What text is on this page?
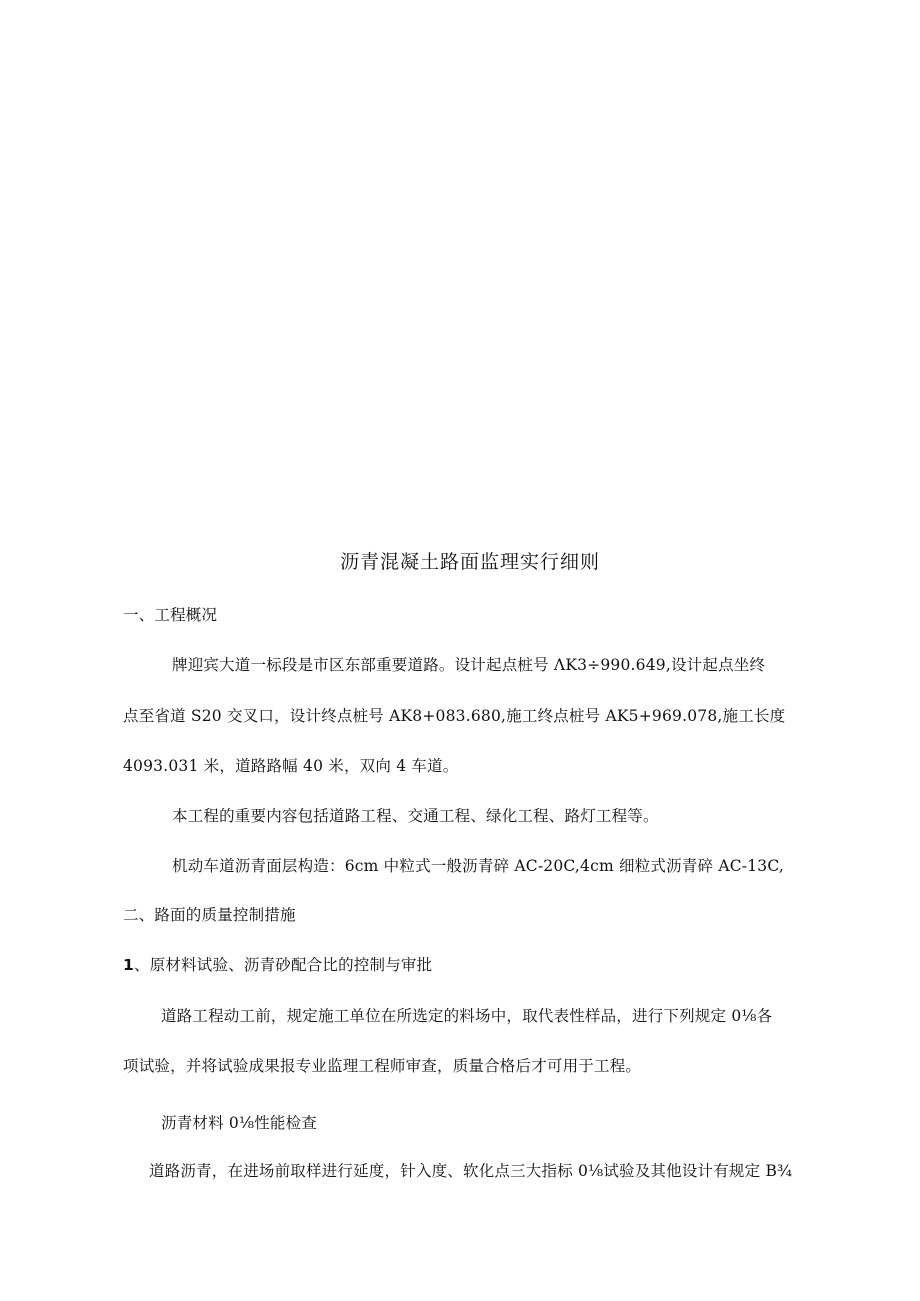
沥青混凝土路面监理实行细则
一、工程概况
牌迎宾大道一标段是市区东部重要道路。设计起点桩号 ΛK3÷990.649,设计起点坐终
点至省道 S20 交叉口，设计终点桩号 AK8+083.680,施工终点桩号 AK5+969.078,施工长度
4093.031 米，道路路幅 40 米，双向 4 车道。
本工程的重要内容包括道路工程、交通工程、绿化工程、路灯工程等。
机动车道沥青面层构造：6cm 中粒式一般沥青碎 AC-20C,4cm 细粒式沥青碎 AC-13C,
二、路面的质量控制措施
1、原材料试验、沥青砂配合比的控制与审批
道路工程动工前，规定施工单位在所选定的料场中，取代表性样品，进行下列规定 0⅛各
项试验，并将试验成果报专业监理工程师审查，质量合格后才可用于工程。
沥青材料 0⅛性能检查
道路沥青，在进场前取样进行延度，针入度、软化点三大指标 0⅛试验及其他设计有规定 B¾
